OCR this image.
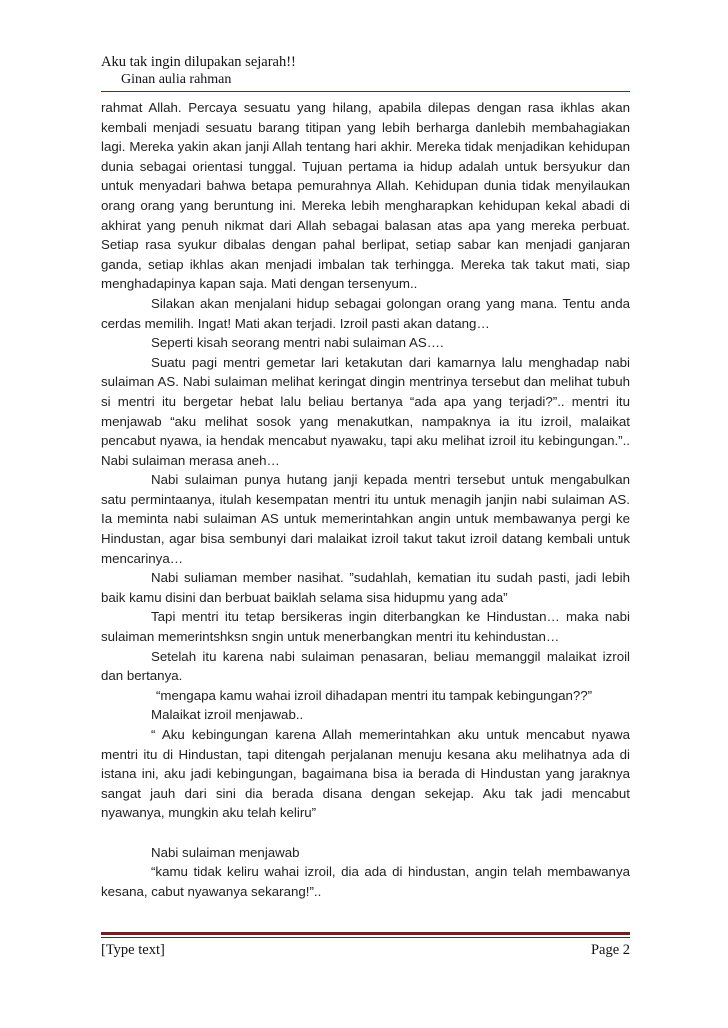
Aku tak ingin dilupakan sejarah!!
Ginan aulia rahman

rahmat Allah. Percaya sesuatu yang hilang, apabila dilepas dengan rasa ikhlas akan kembali menjadi sesuatu barang titipan yang lebih berharga danlebih membahagiakan lagi. Mereka yakin akan janji Allah tentang hari akhir. Mereka tidak menjadikan kehidupan dunia sebagai orientasi tunggal. Tujuan pertama ia hidup adalah untuk bersyukur dan untuk menyadari bahwa betapa pemurahnya Allah. Kehidupan dunia tidak menyilaukan orang orang yang beruntung ini. Mereka lebih mengharapkan kehidupan kekal abadi di akhirat yang penuh nikmat dari Allah sebagai balasan atas apa yang mereka perbuat. Setiap rasa syukur dibalas dengan pahal berlipat, setiap sabar kan menjadi ganjaran ganda, setiap ikhlas akan menjadi imbalan tak terhingga. Mereka tak takut mati, siap menghadapinya kapan saja. Mati dengan tersenyum..

Silakan akan menjalani hidup sebagai golongan orang yang mana. Tentu anda cerdas memilih. Ingat! Mati akan terjadi. Izroil pasti akan datang…

Seperti kisah seorang mentri nabi sulaiman AS….

Suatu pagi mentri gemetar lari ketakutan dari kamarnya lalu menghadap nabi sulaiman AS. Nabi sulaiman melihat keringat dingin mentrinya tersebut dan melihat tubuh si mentri itu bergetar hebat lalu beliau bertanya “ada apa yang terjadi?”.. mentri itu menjawab “aku melihat sosok yang menakutkan, nampaknya ia itu izroil, malaikat pencabut nyawa, ia hendak mencabut nyawaku, tapi aku melihat izroil itu kebingungan.”.. Nabi sulaiman merasa aneh…

Nabi sulaiman punya hutang janji kepada mentri tersebut untuk mengabulkan satu permintaanya, itulah kesempatan mentri itu untuk menagih janjin nabi sulaiman AS. Ia meminta nabi sulaiman AS untuk memerintahkan angin untuk membawanya pergi ke Hindustan, agar bisa sembunyi dari malaikat izroil takut takut izroil datang kembali untuk mencarinya…

Nabi suliaman member nasihat. ”sudahlah, kematian itu sudah pasti, jadi lebih baik kamu disini dan berbuat baiklah selama sisa hidupmu yang ada”

Tapi mentri itu tetap bersikeras ingin diterbangkan ke Hindustan… maka nabi sulaiman memerintshksn sngin untuk menerbangkan mentri itu kehindustan…

Setelah itu karena nabi sulaiman penasaran, beliau memanggil malaikat izroil dan bertanya.

“mengapa kamu wahai izroil dihadapan mentri itu tampak kebingungan??”

Malaikat izroil menjawab..

“ Aku kebingungan karena Allah memerintahkan aku untuk mencabut nyawa mentri itu di Hindustan, tapi ditengah perjalanan menuju kesana aku melihatnya ada di istana ini, aku jadi kebingungan, bagaimana bisa ia berada di Hindustan yang jaraknya sangat jauh dari sini dia berada disana dengan sekejap. Aku tak jadi mencabut nyawanya, mungkin aku telah keliru”

Nabi sulaiman menjawab

“kamu tidak keliru wahai izroil, dia ada di hindustan, angin telah membawanya kesana, cabut nyawanya sekarang!”..

[Type text]	Page 2
